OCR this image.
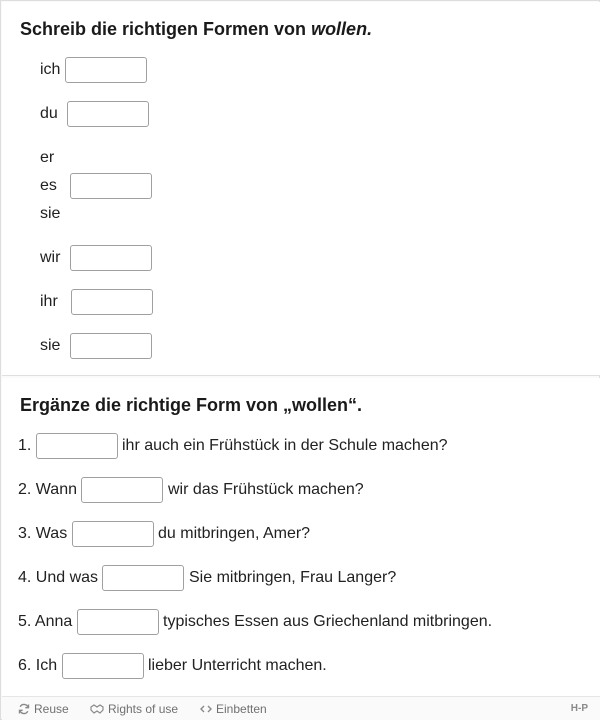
Schreib die richtigen Formen von wollen.
ich
du
er
es
sie
wir
ihr
sie
Ergänze die richtige Form von „wollen“.
1.	ihr auch ein Frühstück in der Schule machen?
2. Wann	wir das Frühstück machen?
3. Was	du mitbringen, Amer?
4. Und was	Sie mitbringen, Frau Langer?
5. Anna	typisches Essen aus Griechenland mitbringen.
6. Ich	lieber Unterricht machen.
Reuse	Rights of use	Einbetten	H-P
